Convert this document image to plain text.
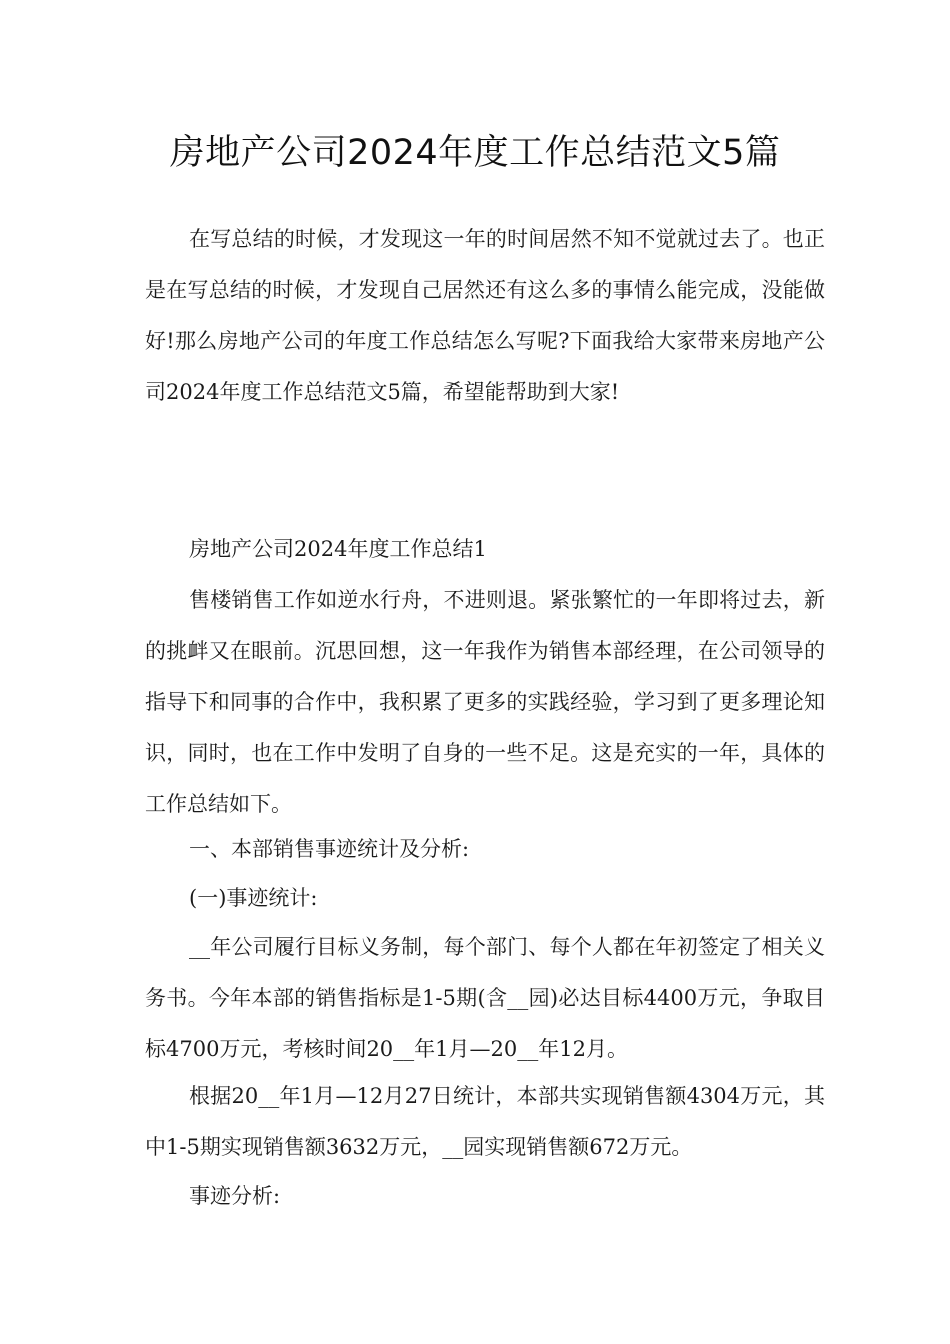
房地产公司2024年度工作总结范文5篇

在写总结的时候，才发现这一年的时间居然不知不觉就过去了。也正是在写总结的时候，才发现自己居然还有这么多的事情么能完成，没能做好!那么房地产公司的年度工作总结怎么写呢?下面我给大家带来房地产公司2024年度工作总结范文5篇，希望能帮助到大家!

房地产公司2024年度工作总结1

售楼销售工作如逆水行舟，不进则退。紧张繁忙的一年即将过去，新的挑衅又在眼前。沉思回想，这一年我作为销售本部经理，在公司领导的指导下和同事的合作中，我积累了更多的实践经验，学习到了更多理论知识，同时，也在工作中发明了自身的一些不足。这是充实的一年，具体的工作总结如下。

一、本部销售事迹统计及分析:

(一)事迹统计:

__年公司履行目标义务制，每个部门、每个人都在年初签定了相关义务书。今年本部的销售指标是1-5期(含__园)必达目标4400万元，争取目标4700万元，考核时间20__年1月—20__年12月。

根据20__年1月—12月27日统计，本部共实现销售额4304万元，其中1-5期实现销售额3632万元，__园实现销售额672万元。

事迹分析:
